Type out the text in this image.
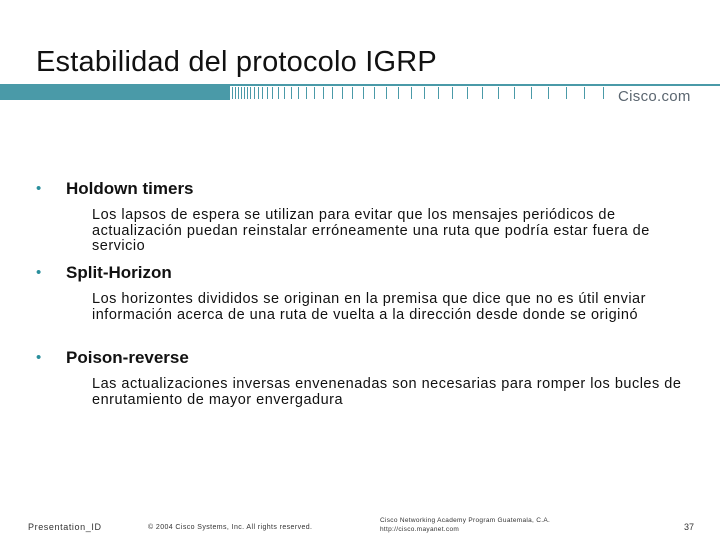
Estabilidad del protocolo IGRP
Cisco.com
•	Holdown timers
Los lapsos de espera se utilizan para evitar que los mensajes periódicos de actualización puedan reinstalar erróneamente una ruta que podría estar fuera de servicio
•	Split-Horizon
Los horizontes divididos se originan en la premisa que dice que no es útil enviar información acerca de una ruta de vuelta a la dirección desde donde se originó
•	Poison-reverse
Las actualizaciones inversas envenenadas son necesarias para romper los bucles de enrutamiento de mayor envergadura
Presentation_ID	© 2004 Cisco Systems, Inc. All rights reserved.
Cisco Networking Academy Program Guatemala, C.A.
http://cisco.mayanet.com	37
